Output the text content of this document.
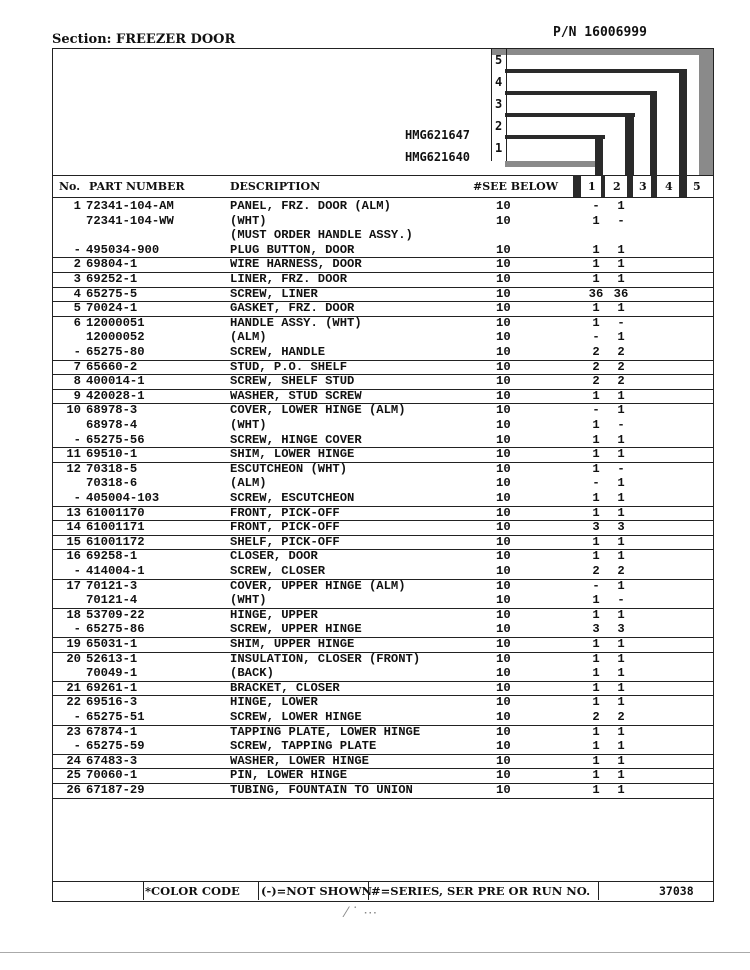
Section: FREEZER DOOR	P/N 16006999
5
4
3
2
1
HMG621647
HMG621640
No. PART NUMBER	DESCRIPTION	#SEE BELOW	1 2 3 4 5
1 72341-104-AM	PANEL, FRZ. DOOR (ALM)	10	-	1
72341-104-WW	(WHT)	10	1	-
(MUST ORDER HANDLE ASSY.)
- 495034-900	PLUG BUTTON, DOOR	10	1	1
2 69804-1	WIRE HARNESS, DOOR	10	1	1
3 69252-1	LINER, FRZ. DOOR	10	1	1
4 65275-5	SCREW, LINER	10	36 36
5 70024-1	GASKET, FRZ. DOOR	10	1	1
6 12000051	HANDLE ASSY. (WHT)	10	1	-
12000052	(ALM)	10	-	1
- 65275-80	SCREW, HANDLE	10	2	2
7 65660-2	STUD, P.O. SHELF	10	2	2
8 400014-1	SCREW, SHELF STUD	10	2	2
9 420028-1	WASHER, STUD SCREW	10	1	1
10 68978-3	COVER, LOWER HINGE (ALM)	10	-	1
68978-4	(WHT)	10	1	-
- 65275-56	SCREW, HINGE COVER	10	1	1
11 69510-1	SHIM, LOWER HINGE	10	1	1
12 70318-5	ESCUTCHEON (WHT)	10	1	-
70318-6	(ALM)	10	-	1
- 405004-103	SCREW, ESCUTCHEON	10	1	1
13 61001170	FRONT, PICK-OFF	10	1	1
14 61001171	FRONT, PICK-OFF	10	3	3
15 61001172	SHELF, PICK-OFF	10	1	1
16 69258-1	CLOSER, DOOR	10	1	1
- 414004-1	SCREW, CLOSER	10	2	2
17 70121-3	COVER, UPPER HINGE (ALM)	10	-	1
70121-4	(WHT)	10	1	-
18 53709-22	HINGE, UPPER	10	1	1
- 65275-86	SCREW, UPPER HINGE	10	3	3
19 65031-1	SHIM, UPPER HINGE	10	1	1
20 52613-1	INSULATION, CLOSER (FRONT)	10	1	1
70049-1	(BACK)	10	1	1
21 69261-1	BRACKET, CLOSER	10	1	1
22 69516-3	HINGE, LOWER	10	1	1
- 65275-51	SCREW, LOWER HINGE	10	2	2
23 67874-1	TAPPING PLATE, LOWER HINGE	10	1	1
- 65275-59	SCREW, TAPPING PLATE	10	1	1
24 67483-3	WASHER, LOWER HINGE	10	1	1
25 70060-1	PIN, LOWER HINGE	10	1	1
26 67187-29	TUBING, FOUNTAIN TO UNION	10	1	1
*COLOR CODE (-)=NOT SHOWN #=SERIES, SER PRE OR RUN NO.	37038
⁄ ˙ ⋯
